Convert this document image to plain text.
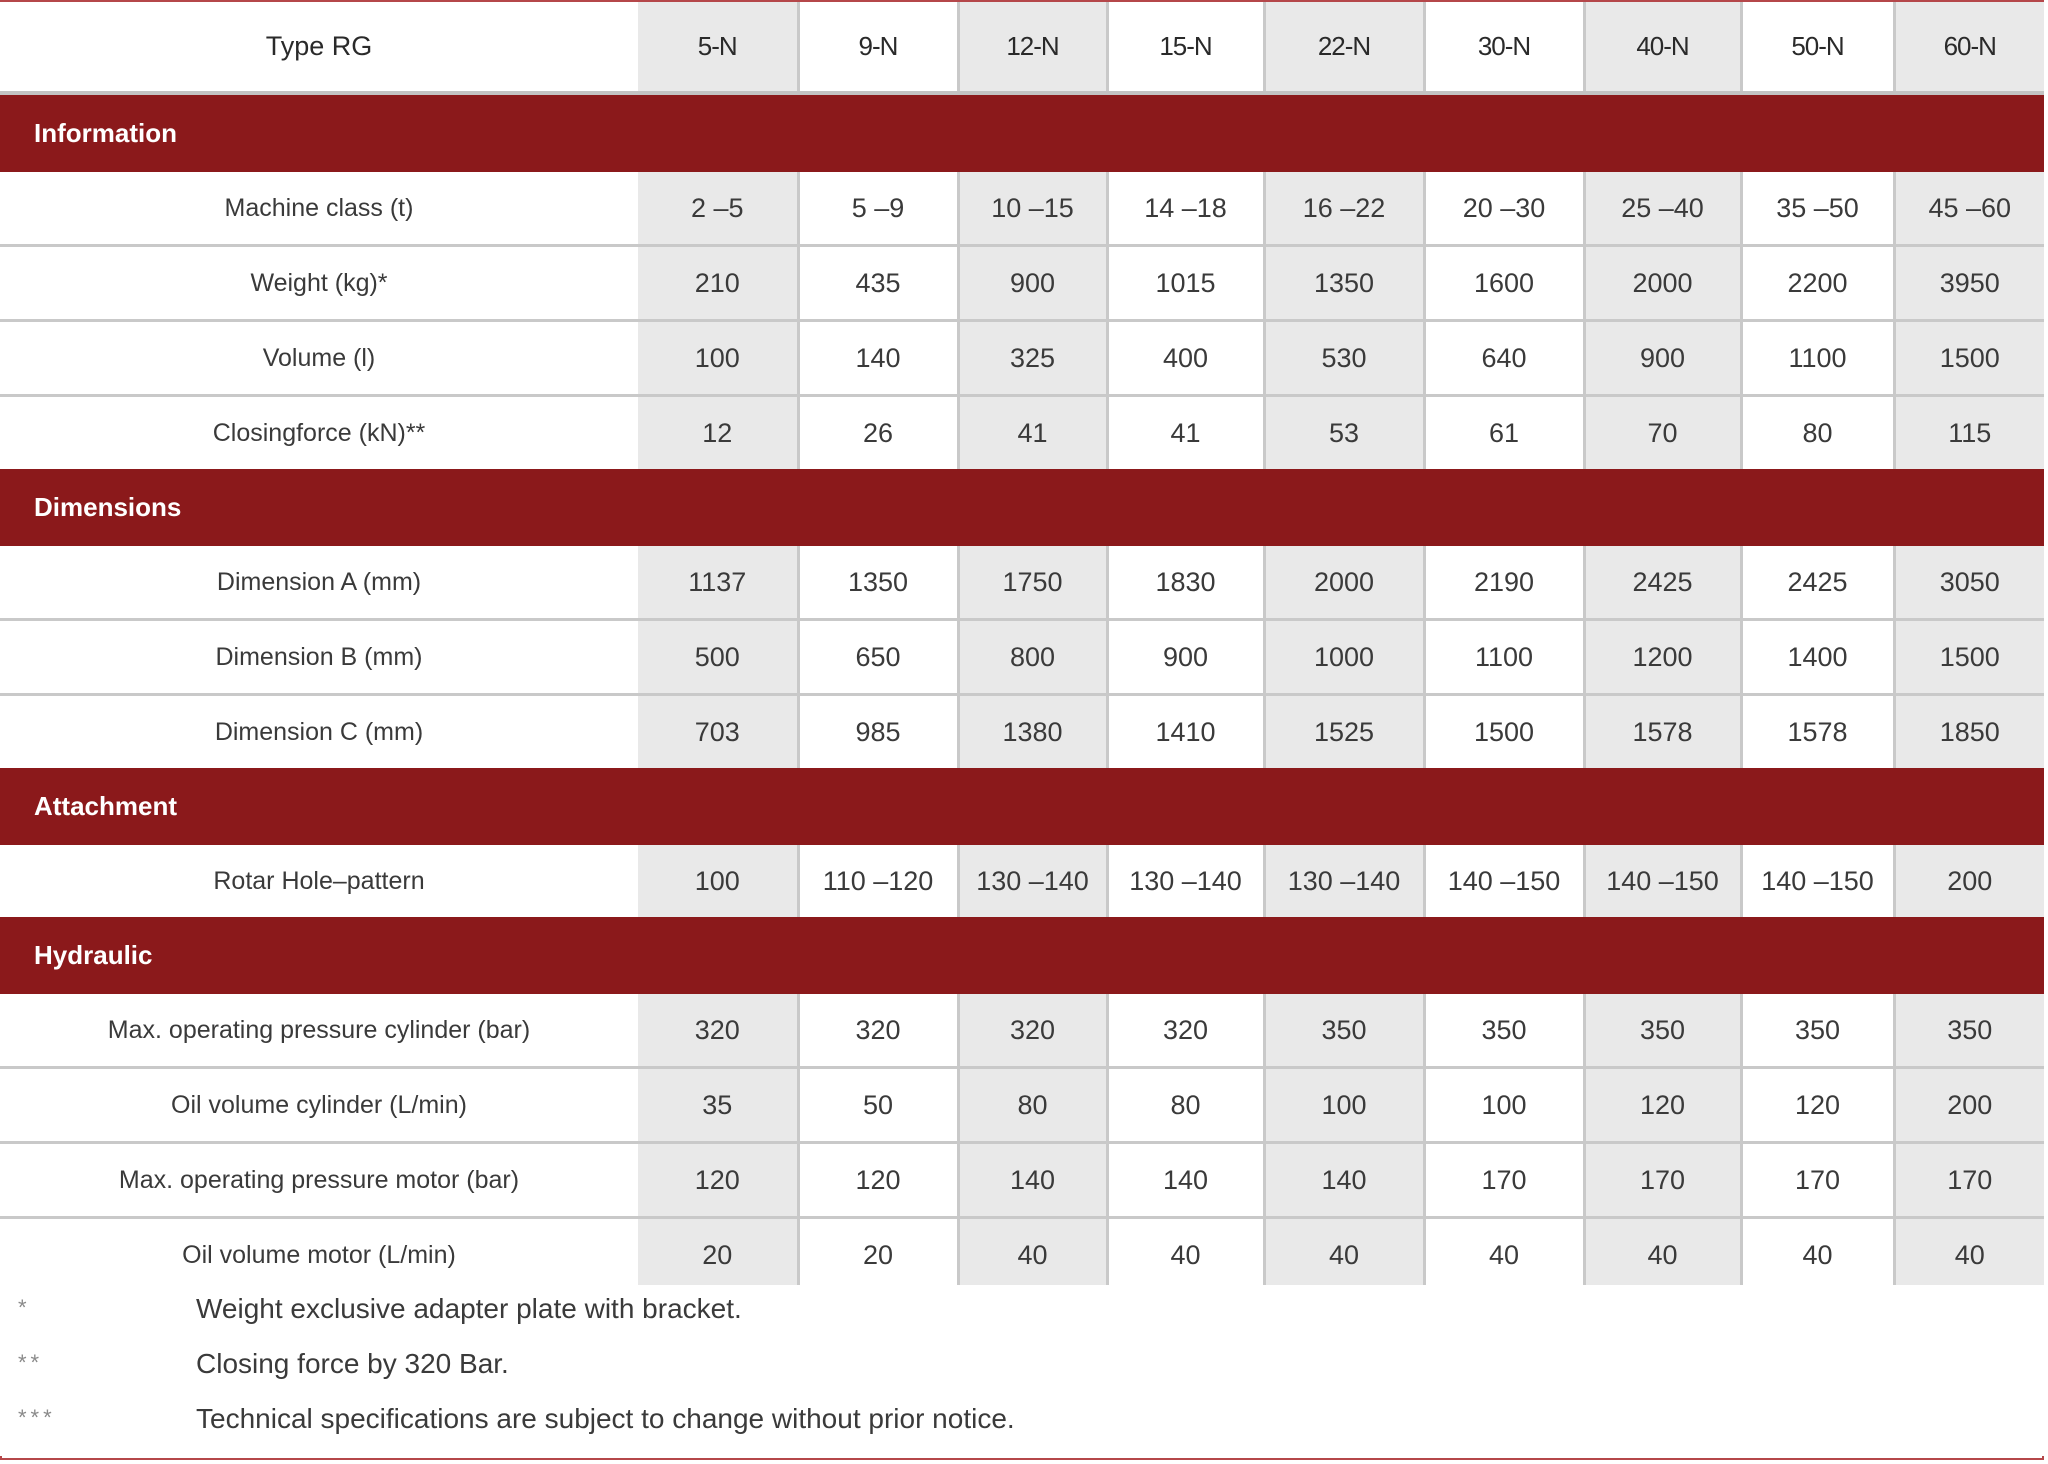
Type RG	5-N	9-N	12-N	15-N	22-N	30-N	40-N	50-N	60-N
Information									
Machine class (t)	2 –5	5 –9	10 –15	14 –18	16 –22	20 –30	25 –40	35 –50	45 –60
Weight (kg)*	210	435	900	1015	1350	1600	2000	2200	3950
Volume (l)	100	140	325	400	530	640	900	1100	1500
Closingforce (kN)**	12	26	41	41	53	61	70	80	115
Dimensions									
Dimension A (mm)	1137	1350	1750	1830	2000	2190	2425	2425	3050
Dimension B (mm)	500	650	800	900	1000	1100	1200	1400	1500
Dimension C (mm)	703	985	1380	1410	1525	1500	1578	1578	1850
Attachment									
Rotar Hole–pattern	100	110 –120	130 –140	130 –140	130 –140	140 –150	140 –150	140 –150	200
Hydraulic									
Max. operating pressure cylinder (bar)	320	320	320	320	350	350	350	350	350
Oil volume cylinder (L/min)	35	50	80	80	100	100	120	120	200
Max. operating pressure motor (bar)	120	120	140	140	140	170	170	170	170
Oil volume motor (L/min)	20	20	40	40	40	40	40	40	40
*	Weight exclusive adapter plate with bracket.
**	Closing force by 320 Bar.
***	Technical specifications are subject to change without prior notice.
